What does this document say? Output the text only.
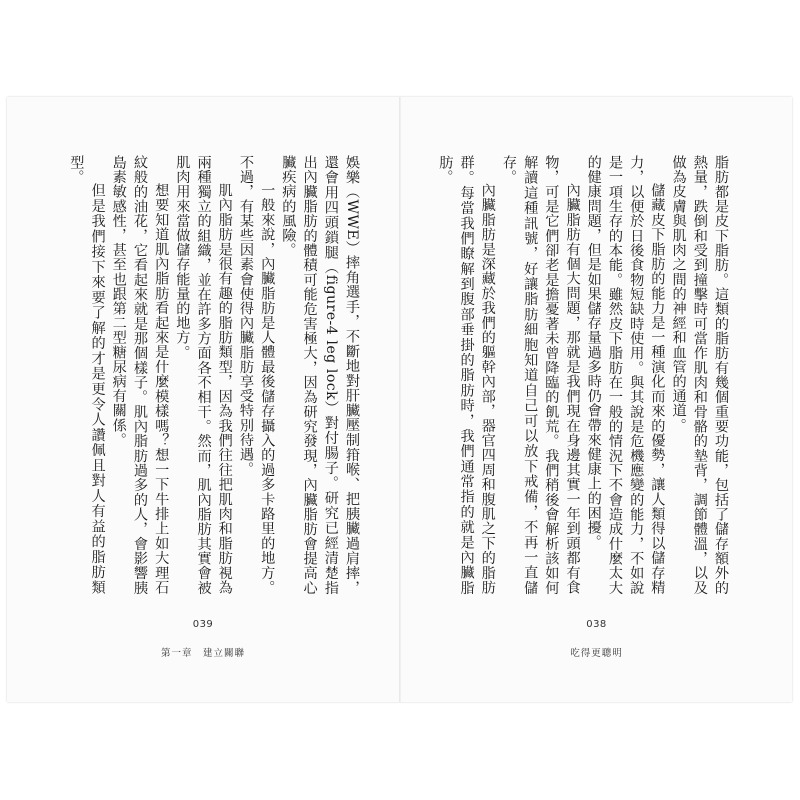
娛樂（WWE）摔角選手，不斷地對肝臟壓制箝喉、把胰臟過肩摔，還會用四頭鎖腿（figure-4 leg lock）對付腸子。研究已經清楚指出內臟脂肪的體積可能危害極大，因為研究發現，內臟脂肪會提高心臟疾病的風險。

一般來說，內臟脂肪是人體最後儲存攝入的過多卡路里的地方。不過，有某些因素會使得內臟脂肪享受特別待遇。

肌內脂肪是很有趣的脂肪類型，因為我們往往把肌肉和脂肪視為兩種獨立的組織，並在許多方面各不相干。然而，肌內脂肪其實會被肌肉用來當做儲存能量的地方。

想要知道肌內脂肪看起來是什麼模樣嗎？想一下牛排上如大理石紋般的油花，它看起來就是那個樣子。肌內脂肪過多的人，會影響胰島素敏感性，甚至也跟第二型糖尿病有關係。

但是我們接下來要了解的才是更令人讚佩且對人有益的脂肪類型。

039
第一章　建立關聯

脂肪都是皮下脂肪。這類的脂肪有幾個重要功能，包括了儲存額外的熱量，跌倒和受到撞擊時可當作肌肉和骨骼的墊背，調節體溫，以及做為皮膚與肌肉之間的神經和血管的通道。

儲藏皮下脂肪的能力是一種演化而來的優勢，讓人類得以儲存精力，以便於日後食物短缺時使用。與其說是危機應變的能力，不如說是一項生存的本能。雖然皮下脂肪在一般的情況下不會造成什麼太大的健康問題，但是如果儲存量過多時仍會帶來健康上的困擾。

內臟脂肪有個大問題，那就是我們現在身邊其實一年到頭都有食物，可是它們卻老是擔憂著未曾降臨的飢荒。我們稍後會解析該如何解讀這種訊號，好讓脂肪細胞知道自己可以放下戒備，不再一直儲存。

內臟脂肪是深藏於我們的軀幹內部，器官四周和腹肌之下的脂肪群。每當我們瞭解到腹部垂掛的脂肪時，我們通常指的就是內臟脂肪。

038
吃得更聰明
